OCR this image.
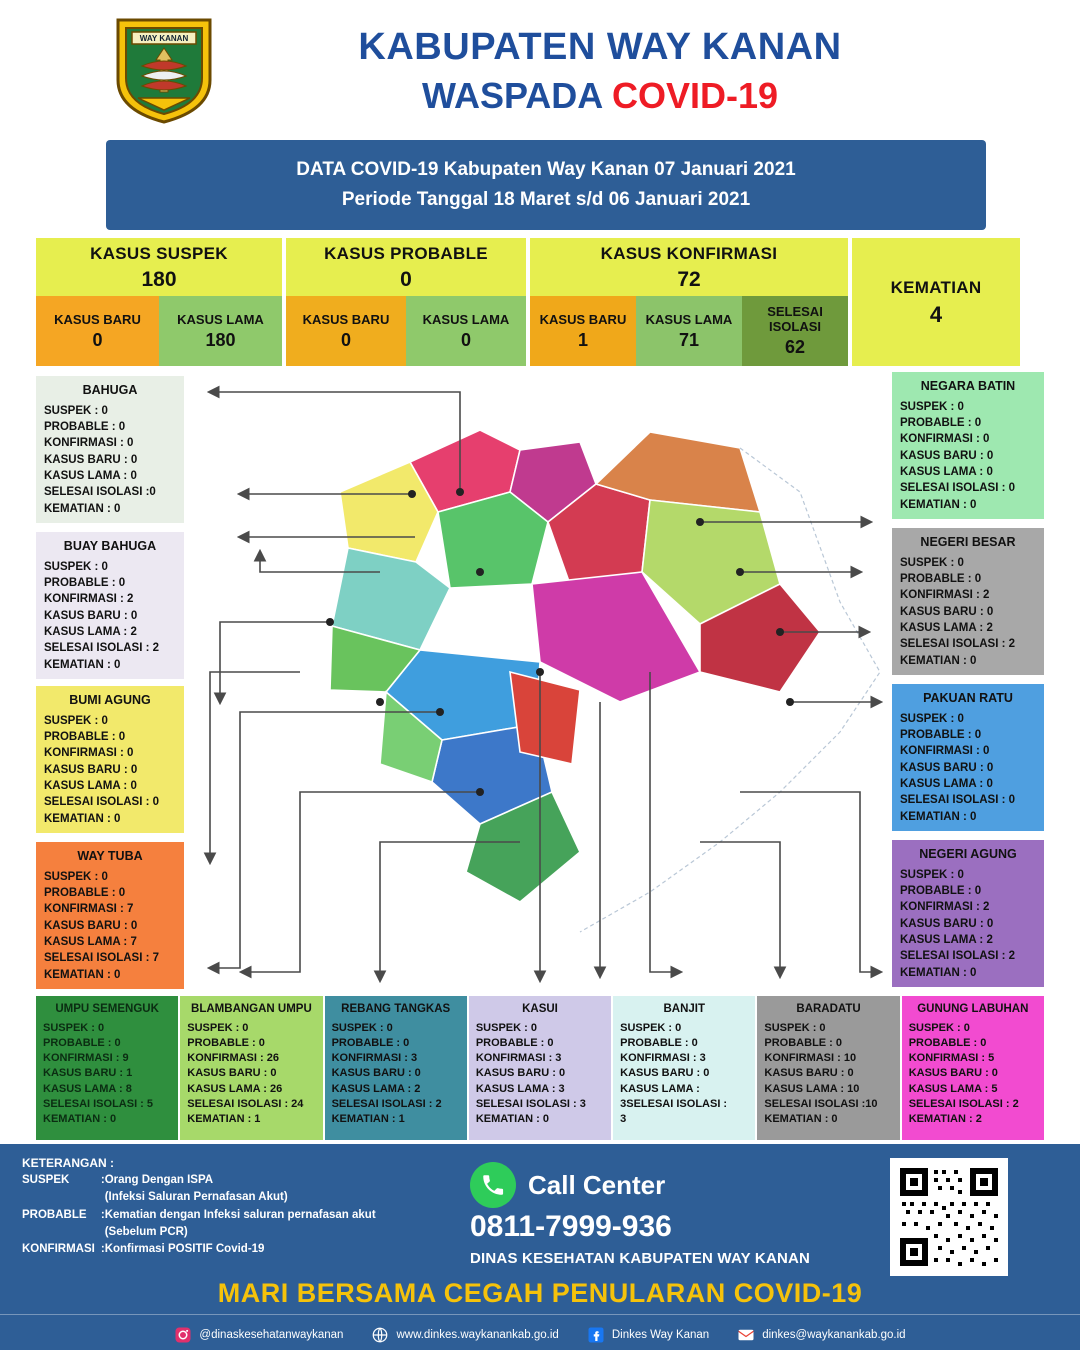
WAY KANAN	KABUPATEN WAY KANAN
WASPADA COVID-19
DATA COVID-19 Kabupaten Way Kanan 07 Januari 2021
Periode Tanggal 18 Maret s/d 06 Januari 2021
KASUS SUSPEK
180
KASUS BARU
0
KASUS LAMA
180
KASUS PROBABLE
0
KASUS BARU
0
KASUS LAMA
0
KASUS KONFIRMASI
72
KASUS BARU
1
KASUS LAMA
71
SELESAI ISOLASI
62
KEMATIAN
4
BAHUGA
SUSPEK : 0
PROBABLE : 0
KONFIRMASI : 0
KASUS BARU : 0
KASUS LAMA : 0
SELESAI ISOLASI :0
KEMATIAN : 0
BUAY BAHUGA
SUSPEK : 0
PROBABLE : 0
KONFIRMASI : 2
KASUS BARU : 0
KASUS LAMA : 2
SELESAI ISOLASI : 2
KEMATIAN : 0
BUMI AGUNG
SUSPEK : 0
PROBABLE : 0
KONFIRMASI : 0
KASUS BARU : 0
KASUS LAMA : 0
SELESAI ISOLASI : 0
KEMATIAN : 0
WAY TUBA
SUSPEK : 0
PROBABLE : 0
KONFIRMASI : 7
KASUS BARU : 0
KASUS LAMA : 7
SELESAI ISOLASI : 7
KEMATIAN : 0
NEGARA BATIN
SUSPEK : 0
PROBABLE : 0
KONFIRMASI : 0
KASUS BARU : 0
KASUS LAMA : 0
SELESAI ISOLASI : 0
KEMATIAN : 0
NEGERI BESAR
SUSPEK : 0
PROBABLE : 0
KONFIRMASI : 2
KASUS BARU : 0
KASUS LAMA : 2
SELESAI ISOLASI : 2
KEMATIAN : 0
PAKUAN RATU
SUSPEK : 0
PROBABLE : 0
KONFIRMASI : 0
KASUS BARU : 0
KASUS LAMA : 0
SELESAI ISOLASI : 0
KEMATIAN : 0
NEGERI AGUNG
SUSPEK : 0
PROBABLE : 0
KONFIRMASI : 2
KASUS BARU : 0
KASUS LAMA : 2
SELESAI ISOLASI : 2
KEMATIAN : 0
UMPU SEMENGUK
SUSPEK : 0
PROBABLE : 0
KONFIRMASI : 9
KASUS BARU : 1
KASUS LAMA : 8
SELESAI ISOLASI : 5
KEMATIAN : 0
BLAMBANGAN UMPU
SUSPEK : 0
PROBABLE : 0
KONFIRMASI : 26
KASUS BARU : 0
KASUS LAMA : 26
SELESAI ISOLASI : 24
KEMATIAN : 1
REBANG TANGKAS
SUSPEK : 0
PROBABLE : 0
KONFIRMASI : 3
KASUS BARU : 0
KASUS LAMA : 2
SELESAI ISOLASI : 2
KEMATIAN : 1
KASUI
SUSPEK : 0
PROBABLE : 0
KONFIRMASI : 3
KASUS BARU : 0
KASUS LAMA : 3
SELESAI ISOLASI : 3
KEMATIAN : 0
BANJIT
SUSPEK : 0
PROBABLE : 0
KONFIRMASI : 3
KASUS BARU : 0
KASUS LAMA :
3SELESAI ISOLASI :
3
BARADATU
SUSPEK : 0
PROBABLE : 0
KONFIRMASI : 10
KASUS BARU : 0
KASUS LAMA : 10
SELESAI ISOLASI :10
KEMATIAN : 0
GUNUNG LABUHAN
SUSPEK : 0
PROBABLE : 0
KONFIRMASI : 5
KASUS BARU : 0
KASUS LAMA : 5
SELESAI ISOLASI : 2
KEMATIAN : 2
KETERANGAN :
SUSPEK	:	Orang Dengan ISPA
		(Infeksi Saluran Pernafasan Akut)
PROBABLE	:	Kematian dengan Infeksi saluran pernafasan akut
		(Sebelum PCR)
KONFIRMASI	:	Konfirmasi POSITIF Covid-19
Call Center
0811-7999-936
DINAS KESEHATAN KABUPATEN WAY KANAN
MARI BERSAMA CEGAH PENULARAN COVID-19
@dinaskesehatanwaykanan	www.dinkes.waykanankab.go.id	Dinkes Way Kanan	dinkes@waykanankab.go.id
